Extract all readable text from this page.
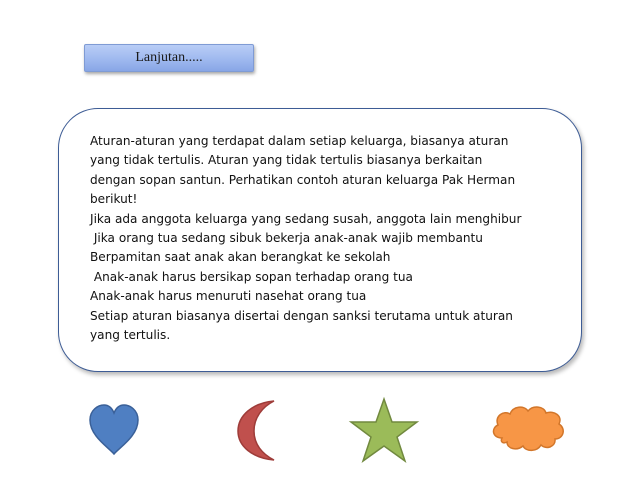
Lanjutan.....
Aturan-aturan yang terdapat dalam setiap keluarga, biasanya aturan
yang tidak tertulis. Aturan yang tidak tertulis biasanya berkaitan
dengan sopan santun. Perhatikan contoh aturan keluarga Pak Herman
berikut!
Jika ada anggota keluarga yang sedang susah, anggota lain menghibur
Jika orang tua sedang sibuk bekerja anak-anak wajib membantu
Berpamitan saat anak akan berangkat ke sekolah
Anak-anak harus bersikap sopan terhadap orang tua
Anak-anak harus menuruti nasehat orang tua
Setiap aturan biasanya disertai dengan sanksi terutama untuk aturan
yang tertulis.
